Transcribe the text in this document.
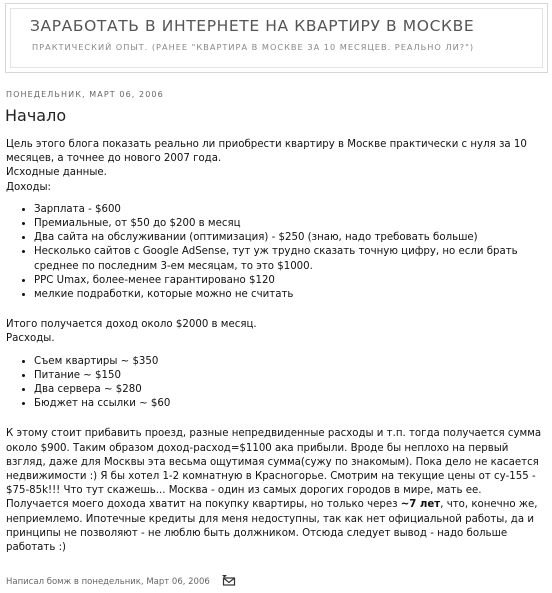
ЗАРАБОТАТЬ В ИНТЕРНЕТЕ НА КВАРТИРУ В МОСКВЕ
ПРАКТИЧЕСКИЙ ОПЫТ. (РАНЕЕ "КВАРТИРА В МОСКВЕ ЗА 10 МЕСЯЦЕВ. РЕАЛЬНО ЛИ?")
ПОНЕДЕЛЬНИК, МАРТ 06, 2006
Начало

Цель этого блога показать реально ли приобрести квартиру в Москве практически с нуля за 10 месяцев, а точнее до нового 2007 года.

Исходные данные.

Доходы:

• Зарплата - $600
• Премиальные, от $50 до $200 в месяц
• Два сайта на обслуживании (оптимизация) - $250 (знаю, надо требовать больше)
• Несколько сайтов с Google AdSense, тут уж трудно сказать точную цифру, но если брать среднее по последним 3-ем месяцам, то это $1000.
• PPC Umax, более-менее гарантировано $120
• мелкие подработки, которые можно не считать

Итого получается доход около $2000 в месяц.

Расходы.

• Съем квартиры ~ $350
• Питание ~ $150
• Два сервера ~ $280
• Бюджет на ссылки ~ $60

К этому стоит прибавить проезд, разные непредвиденные расходы и т.п. тогда получается сумма около $900. Таким образом доход-расход=$1100 ака прибыли. Вроде бы неплохо на первый взгляд, даже для Москвы эта весьма ощутимая сумма(сужу по знакомым). Пока дело не касается недвижимости :) Я бы хотел 1-2 комнатную в Красногорье. Смотрим на текущие цены от су-155 - $75-85k!!! Что тут скажешь... Москва - один из самых дорогих городов в мире, мать ее.

Получается моего дохода хватит на покупку квартиры, но только через ~7 лет, что, конечно же, неприемлемо. Ипотечные кредиты для меня недоступны, так как нет официальной работы, да и принципы не позволяют - не люблю быть должником. Отсюда следует вывод - надо больше работать :)

Написал бомж в понедельник, Март 06, 2006
